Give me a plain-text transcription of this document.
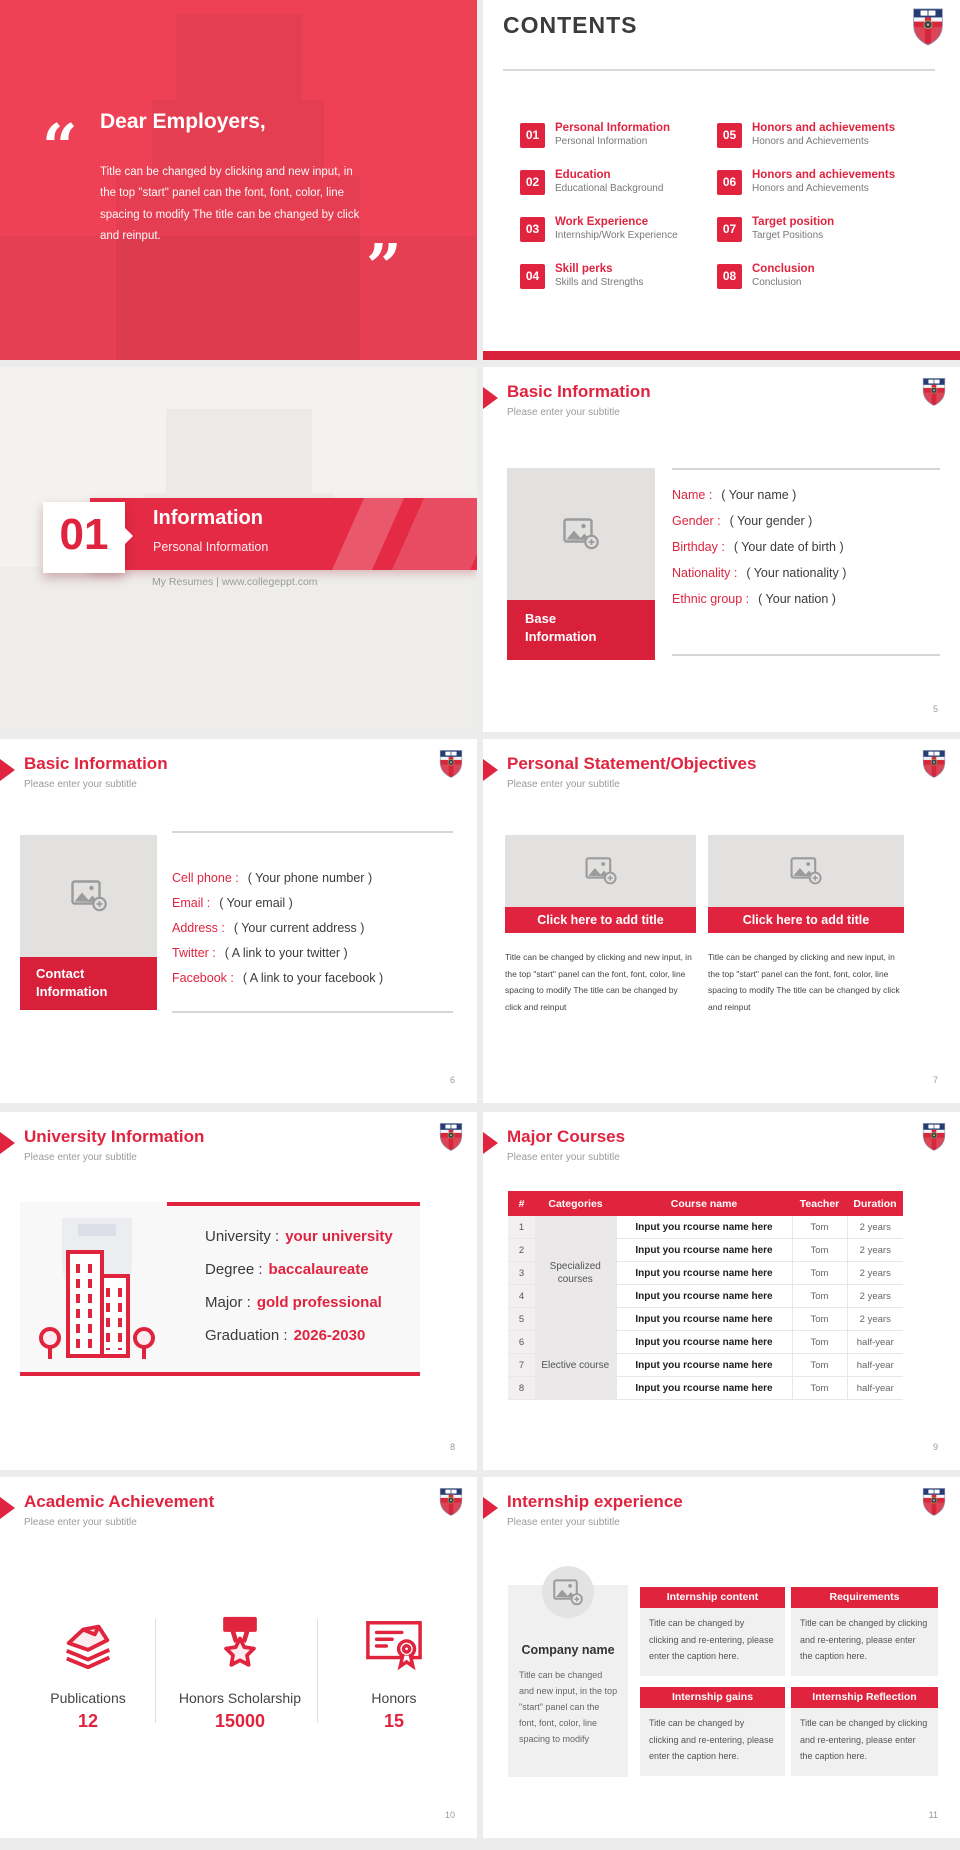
“ Dear Employers,

Title can be changed by clicking and new input, in the top "start" panel can the font, font, color, line spacing to modify The title can be changed by click and reinput.	”
CONTENTS
01	Personal Information
Personal Information
02	Education
Educational Background
03	Work Experience
Internship/Work Experience
04	Skill perks
Skills and Strengths
05	Honors and achievements
Honors and Achievements
06	Honors and achievements
Honors and Achievements
07	Target position
Target Positions
08	Conclusion
Conclusion
Information
Personal Information
01
My Resumes | www.collegeppt.com
Basic Information
Please enter your subtitle
Base Information
Name : ( Your name )
Gender : ( Your gender )
Birthday : ( Your date of birth )
Nationality : ( Your nationality )
Ethnic group : ( Your nation )
5
Basic Information
Please enter your subtitle
Contact Information
Cell phone : ( Your phone number )
Email : ( Your email )
Address : ( Your current address )
Twitter : ( A link to your twitter )
Facebook : ( A link to your facebook )
6
Personal Statement/Objectives
Please enter your subtitle
Click here to add title
Title can be changed by clicking and new input, in the top "start" panel can the font, font, color, line spacing to modify The title can be changed by click and reinput
Click here to add title
Title can be changed by clicking and new input, in the top "start" panel can the font, font, color, line spacing to modify The title can be changed by click and reinput
7
University Information
Please enter your subtitle
University : your university
Degree : baccalaureate
Major : gold professional
Graduation : 2026-2030
8
Major Courses
Please enter your subtitle
#	Categories	Course name	Teacher	Duration
1	Specialized courses	Input you rcourse name here	Tom	2 years
2		Input you rcourse name here	Tom	2 years
3		Input you rcourse name here	Tom	2 years
4		Input you rcourse name here	Tom	2 years
5		Input you rcourse name here	Tom	2 years
6	Elective course	Input you rcourse name here	Tom	half-year
7		Input you rcourse name here	Tom	half-year
8		Input you rcourse name here	Tom	half-year
9
Academic Achievement
Please enter your subtitle
Publications
12
Honors Scholarship
15000
Honors
15
10
Internship experience
Please enter your subtitle
Company name
Title can be changed and new input, in the top "start" panel can the font, font, color, line spacing to modify
Internship content
Title can be changed by clicking and re-entering, please enter the caption here.
Requirements
Title can be changed by clicking and re-entering, please enter the caption here.
Internship gains
Title can be changed by clicking and re-entering, please enter the caption here.
Internship Reflection
Title can be changed by clicking and re-entering, please enter the caption here.
11
